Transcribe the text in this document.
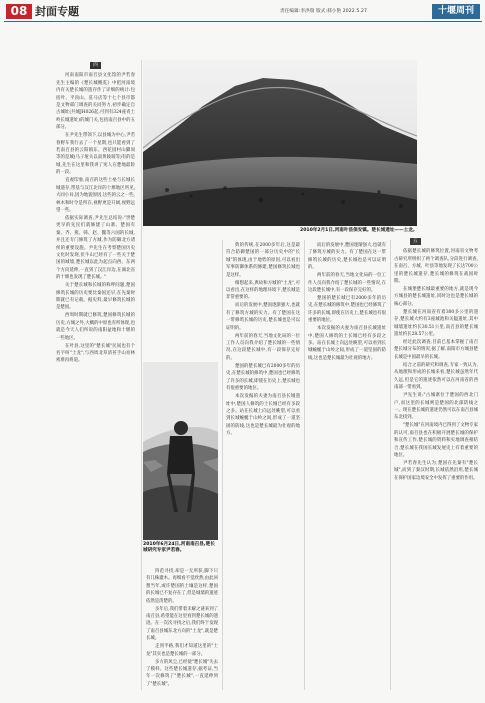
08 封面专题	责任编辑:李洪瑞 版式:郝小艳 2022.5.27	十堰周刊
四

河南南阳市南召县文化馆的尹若春先生主编的《楚长城概览》中把河南境内有关楚长城的遗存作了详细的统计:包括叶、平顶山、驻马店等十七个县市都是文物部门调查的关同努力,初步确定自古城址(共城JH026起,可到有324座青土岭长城遗址)的城门关,包括南召县中的五部分。

在尹先生带领下,以县城为中心,尹若春野车我行去了一个星期,也只能看到了若南召县的云阳镇东、西花园村山脚间等的是城(马子垭关以南黄陵坡等)有的是城,先生在这里和我讲了宛人在楚地最险的一段。

直观印象,南召的这些土垒与长城长城遗存,带基与汉江北岸的十堰地区所见,大同小异,因为地貌原因,这些的云之一些,林木和时令是所在,视野更是开阔,视野远望一些。

依据实际调查,尹先生总结说:"世楚更早的先民们就修建了山寨。楚国有秦、齐、燕、韩、赵、魏等六国的长城,并且还专门修筑了方城,作为防御北方诸侯的重要设施。尹先生在考察楚国历史文化时发现,伏牛山已经有了一些关于楚国的城墙,楚长城以此为起点向西、东两个方向延伸,一直到了汉江岸边,在湖北省的十堰也发现了楚长城。"

关于楚长城和长城的称呼问题,楚国修筑长城的历史要比秦国还早,在先秦时期就已有记载。据史料,最早修筑长城的是楚国。

西周时期就已修筑,楚国修筑长城的历史,方城之外,大概的中原也有所体现,也就是今天人们所说的南阳盆地和十堰的一些地区。

在叶县,这里的"楚长城"民间也有个名字叫"土龙",与西周北草清苔手山亮林密难再将道。

2010年2月1日,河南叶县保安镇。楚长城遗址——土龙。
2010年6月24日,河南南召县,楚长城研究专家尹若春。

四范寻找,却是一无所获,脚下只有几株灌木。再细看不觉欣然,由此回想当年,或许楚国的土壤是这样,楚国的长城已不复存在了,但是城墙的遗迹依然是清楚的。

多年后,我们带着未解之谜来到了南召县,希望能在这里看到楚长城的遗迹。在一次次寻找之后,我们终于发现了南召县城东北方向的"土龙",就是楚长城。

走到半路,我们才知道这里的"土龙"其实也是楚长城的一部分。

多方的风尘,已经使"楚长城"失去了模样。这些楚长城遗存,据考证,当年一次修筑了"楚长城",一直延伸到了"楚长城"。

典的传统,在2000多年后,这是最符合防御楚国的一部分历史中的"长城"的体现,由于地势的原因,可以看出军事防御体系的修建,楚国修筑长城也是这样。

细想起来,典故和方城的"土龙",可以看出,在这样的地理环境下,楚长城是非常重要的。

而后的发展中,楚国逐渐强大,也就有了修筑方城的实力。有了楚国在这一带修筑长城的历史,楚长城也是可以证明的。

两年前的春天,当地文化局的一位工作人员向我介绍了楚长城的一些情况,在这段楚长城中,有一段保存完好的。

楚国的楚长城已有2000多年的历史,在楚长城的修筑中,楚国也已经修筑了许多的长城,即使在历史上,楚长城也有很重要的地位。

本次发掘的夫妻为南召县长城遗址中,楚国人修筑的土长城已经有多段之多。站在长城上向远处眺望,可以看到长城蜿蜒于山岭之间,形成了一道坚固的防线,这也是楚长城最为壮观的地方。

而后的发展中,楚国逐渐强大,也就有了修筑方城的实力。有了楚国在这一带修筑长城的历史,楚长城也是可以证明的。

两年前的春天,当地文化局的一位工作人员向我介绍了楚长城的一些情况,在这段楚长城中,有一段保存完好的。

楚国的楚长城已有2000多年的历史,在楚长城的修筑中,楚国也已经修筑了许多的长城,即使在历史上,楚长城也有很重要的地位。

本次发掘的夫妻为南召县长城遗址中,楚国人修筑的土长城已经有多段之多。站在长城上向远处眺望,可以看到长城蜿蜒于山岭之间,形成了一道坚固的防线,这也是楚长城最为壮观的地方。

五

依据楚长城的修筑位置,河南省文物考古研究所组织了两个调查队,分段进行调查,在南召、方城、叶县等地发现了长达700公里的楚长城遗存,楚长城的修筑在战国时期。

在城堡楚长城最重要的地方,就是现今方城县的楚长城遗址,同时这也是楚长城的核心部分。

楚长城在河南省有着300多公里的遗存,楚长城大约有3座城池和关隘遗址,其中城墙遗址约长30.51公里,南召县的楚长城遗址约长28.57公里。

经过此次调查,目前已基本掌握了南召楚长城分布的情况,据了解,南阳市方城县楚长城是中国最早的长城。

结合之前的研究和调查,专家一致认为,从地理和形成的长城来看,楚长城虽然年代久远,但是它的遗迹依然可以在河南省的西南部一带看到。

尹先生说:"古城寨位于楚国的西北门户,而这里的长城则是楚国的北部防线之一。现在楚长城的遗迹仍然可以在南召县城东北找到。

"楚长城"在河南境内已得到了文物专家的认可,南召县也在积极开展楚长城的保护和宣传工作,楚长城的资料和实地调查相结合,楚长城在我国长城发展史上有着重要的地位。

尹若春先生认为,楚国在先秦有"楚长城",而到了秦汉时期,长城依然沿用,楚长城在保护国家边境安全中发挥了重要的作用。
